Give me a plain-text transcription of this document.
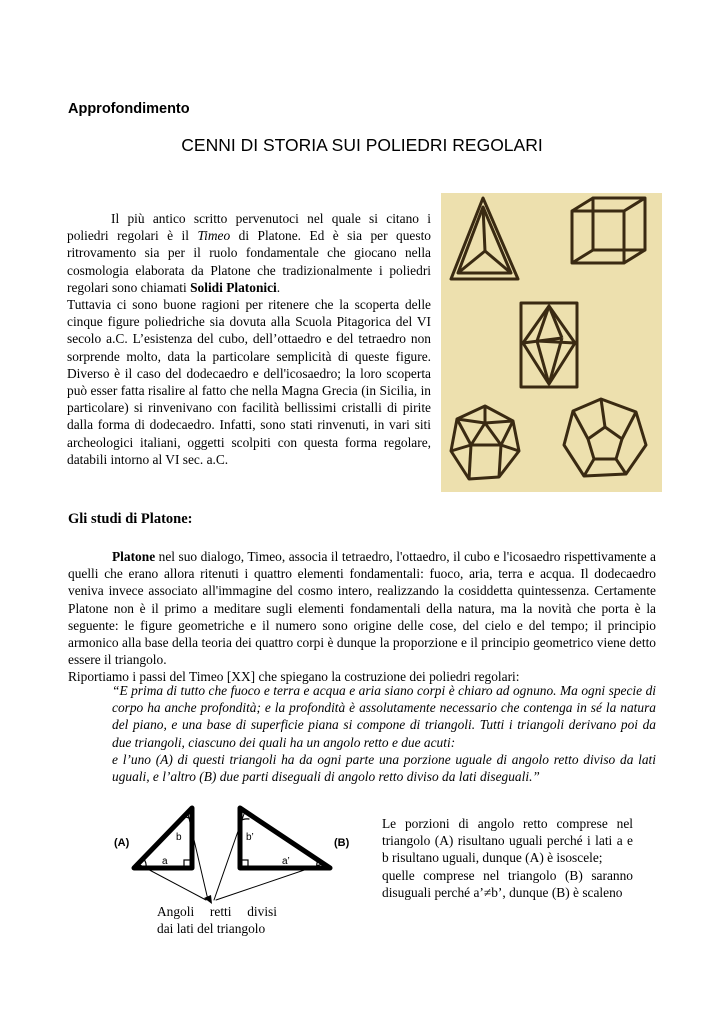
Approfondimento
CENNI DI STORIA SUI POLIEDRI REGOLARI

Il più antico scritto pervenutoci nel quale si citano i poliedri regolari è il Timeo di Platone. Ed è sia per questo ritrovamento sia per il ruolo fondamentale che giocano nella cosmologia elaborata da Platone che tradizionalmente i poliedri regolari sono chiamati Solidi Platonici.

Tuttavia ci sono buone ragioni per ritenere che la scoperta delle cinque figure poliedriche sia dovuta alla Scuola Pitagorica del VI secolo a.C. L’esistenza del cubo, dell’ottaedro e del tetraedro non sorprende molto, data la particolare semplicità di queste figure. Diverso è il caso del dodecaedro e dell'icosaedro; la loro scoperta può esser fatta risalire al fatto che nella Magna Grecia (in Sicilia, in particolare) si rinvenivano con facilità bellissimi cristalli di pirite dalla forma di dodecaedro. Infatti, sono stati rinvenuti, in vari siti archeologici italiani, oggetti scolpiti con questa forma regolare, databili intorno al VI sec. a.C.

Gli studi di Platone:

Platone nel suo dialogo, Timeo, associa il tetraedro, l'ottaedro, il cubo e l'icosaedro rispettivamente a quelli che erano allora ritenuti i quattro elementi fondamentali: fuoco, aria, terra e acqua. Il dodecaedro veniva invece associato all'immagine del cosmo intero, realizzando la cosiddetta quintessenza. Certamente Platone non è il primo a meditare sugli elementi fondamentali della natura, ma la novità che porta è la seguente: le figure geometriche e il numero sono origine delle cose, del cielo e del tempo; il principio armonico alla base della teoria dei quattro corpi è dunque la proporzione e il principio geometrico viene detto essere il triangolo.

Riportiamo i passi del Timeo [XX] che spiegano la costruzione dei poliedri regolari:

“E prima di tutto che fuoco e terra e acqua e aria siano corpi è chiaro ad ognuno. Ma ogni specie di corpo ha anche profondità; e la profondità è assolutamente necessario che contenga in sé la natura del piano, e una base di superficie piana si compone di triangoli. Tutti i triangoli derivano poi da due triangoli, ciascuno dei quali ha un angolo retto e due acuti:

e l’uno (A) di questi triangoli ha da ogni parte una porzione uguale di angolo retto diviso da lati uguali, e l’altro (B) due parti diseguali di angolo retto diviso da lati diseguali.”

(A)	(B)
a
b
a’
b’
Angoli retti divisi
dai lati del triangolo

Le porzioni di angolo retto comprese nel triangolo (A) risultano uguali perché i lati a e b risultano uguali, dunque (A) è isoscele;

quelle comprese nel triangolo (B) saranno disuguali perché a’≠b’, dunque (B) è scaleno
